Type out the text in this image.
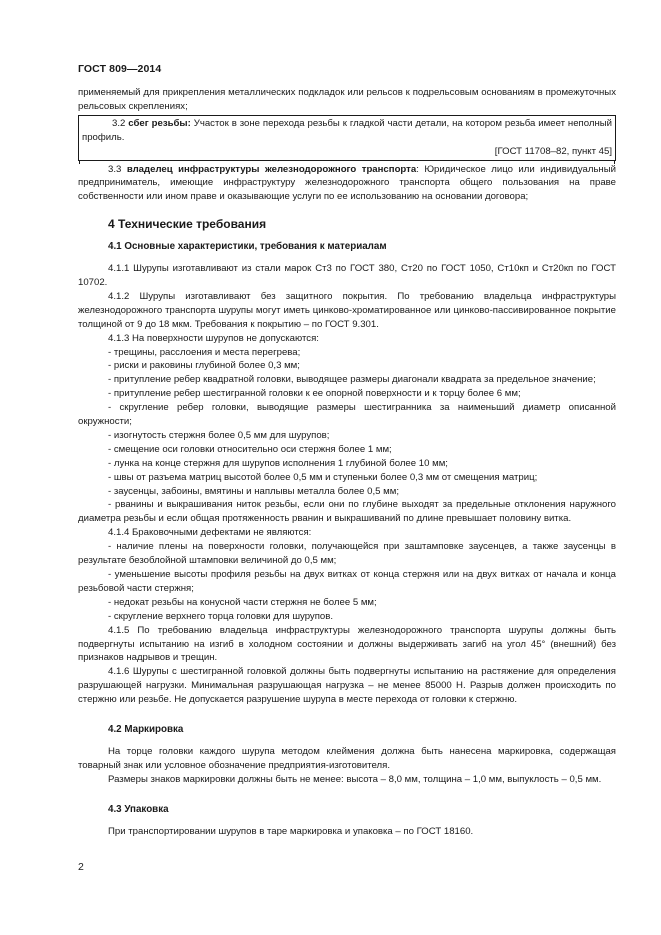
ГОСТ 809—2014

применяемый для прикрепления металлических подкладок или рельсов к подрельсовым основаниям в промежуточных рельсовых скреплениях;

3.2 сбег резьбы: Участок в зоне перехода резьбы к гладкой части детали, на котором резьба имеет неполный профиль.

[ГОСТ 11708–82, пункт 45]

3.3 владелец инфраструктуры железнодорожного транспорта: Юридическое лицо или индивидуальный предприниматель, имеющие инфраструктуру железнодорожного транспорта общего пользования на праве собственности или ином праве и оказывающие услуги по ее использованию на основании договора;

4 Технические требования
4.1 Основные характеристики, требования к материалам

4.1.1 Шурупы изготавливают из стали марок Ст3 по ГОСТ 380, Ст20 по ГОСТ 1050, Ст10кп и Ст20кп по ГОСТ 10702.

4.1.2 Шурупы изготавливают без защитного покрытия. По требованию владельца инфраструктуры железнодорожного транспорта шурупы могут иметь цинково-хроматированное или цинково-пассивированное покрытие толщиной от 9 до 18 мкм. Требования к покрытию – по ГОСТ 9.301.

4.1.3 На поверхности шурупов не допускаются:

- трещины, расслоения и места перегрева;

- риски и раковины глубиной более 0,3 мм;

- притупление ребер квадратной головки, выводящее размеры диагонали квадрата за предельное значение;

- притупление ребер шестигранной головки к ее опорной поверхности и к торцу более 6 мм;

- скругление ребер головки, выводящие размеры шестигранника за наименьший диаметр описанной окружности;

- изогнутость стержня более 0,5 мм для шурупов;

- смещение оси головки относительно оси стержня более 1 мм;

- лунка на конце стержня для шурупов исполнения 1 глубиной более 10 мм;

- швы от разъема матриц высотой более 0,5 мм и ступеньки более 0,3 мм от смещения матриц;

- заусенцы, забоины, вмятины и наплывы металла более 0,5 мм;

- рванины и выкрашивания ниток резьбы, если они по глубине выходят за предельные отклонения наружного диаметра резьбы и если общая протяженность рванин и выкрашиваний по длине превышает половину витка.

4.1.4 Браковочными дефектами не являются:

- наличие плены на поверхности головки, получающейся при заштамповке заусенцев, а также заусенцы в результате безоблойной штамповки величиной до 0,5 мм;

- уменьшение высоты профиля резьбы на двух витках от конца стержня или на двух витках от начала и конца резьбовой части стержня;

- недокат резьбы на конусной части стержня не более 5 мм;

- скругление верхнего торца головки для шурупов.

4.1.5 По требованию владельца инфраструктуры железнодорожного транспорта шурупы должны быть подвергнуты испытанию на изгиб в холодном состоянии и должны выдерживать загиб на угол 45° (внешний) без признаков надрывов и трещин.

4.1.6 Шурупы с шестигранной головкой должны быть подвергнуты испытанию на растяжение для определения разрушающей нагрузки. Минимальная разрушающая нагрузка – не менее 85000 Н. Разрыв должен происходить по стержню или резьбе. Не допускается разрушение шурупа в месте перехода от головки к стержню.

4.2 Маркировка

На торце головки каждого шурупа методом клеймения должна быть нанесена маркировка, содержащая товарный знак или условное обозначение предприятия-изготовителя.

Размеры знаков маркировки должны быть не менее: высота – 8,0 мм, толщина – 1,0 мм, выпуклость – 0,5 мм.

4.3 Упаковка

При транспортировании шурупов в таре маркировка и упаковка – по ГОСТ 18160.

2
